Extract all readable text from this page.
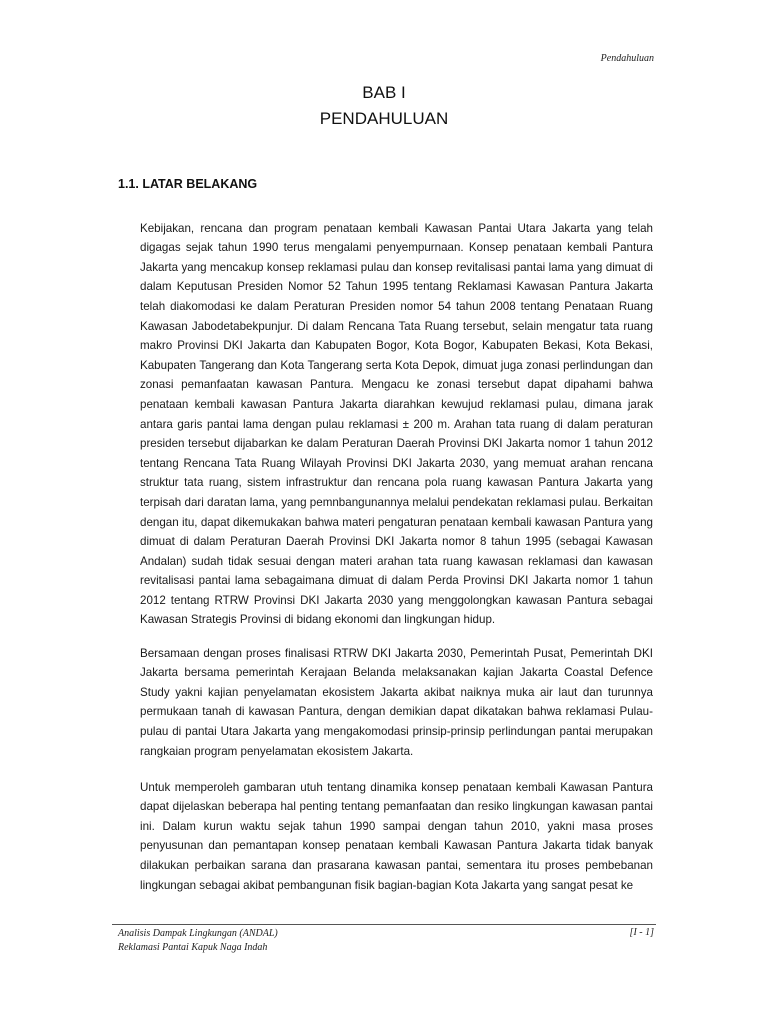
Pendahuluan
BAB I
PENDAHULUAN
1.1. LATAR BELAKANG

Kebijakan, rencana dan program penataan kembali Kawasan Pantai Utara Jakarta yang telah digagas sejak tahun 1990 terus mengalami penyempurnaan. Konsep penataan kembali Pantura Jakarta yang mencakup konsep reklamasi pulau dan konsep revitalisasi pantai lama yang dimuat di dalam Keputusan Presiden Nomor 52 Tahun 1995 tentang Reklamasi Kawasan Pantura Jakarta telah diakomodasi ke dalam Peraturan Presiden nomor 54 tahun 2008 tentang Penataan Ruang Kawasan Jabodetabekpunjur. Di dalam Rencana Tata Ruang tersebut, selain mengatur tata ruang makro Provinsi DKI Jakarta dan Kabupaten Bogor, Kota Bogor, Kabupaten Bekasi, Kota Bekasi, Kabupaten Tangerang dan Kota Tangerang serta Kota Depok, dimuat juga zonasi perlindungan dan zonasi pemanfaatan kawasan Pantura. Mengacu ke zonasi tersebut dapat dipahami bahwa penataan kembali kawasan Pantura Jakarta diarahkan kewujud reklamasi pulau, dimana jarak antara garis pantai lama dengan pulau reklamasi ± 200 m. Arahan tata ruang di dalam peraturan presiden tersebut dijabarkan ke dalam Peraturan Daerah Provinsi DKI Jakarta nomor 1 tahun 2012 tentang Rencana Tata Ruang Wilayah Provinsi DKI Jakarta 2030, yang memuat arahan rencana struktur tata ruang, sistem infrastruktur dan rencana pola ruang kawasan Pantura Jakarta yang terpisah dari daratan lama, yang pemnbangunannya melalui pendekatan reklamasi pulau. Berkaitan dengan itu, dapat dikemukakan bahwa materi pengaturan penataan kembali kawasan Pantura yang dimuat di dalam Peraturan Daerah Provinsi DKI Jakarta nomor 8 tahun 1995 (sebagai Kawasan Andalan) sudah tidak sesuai dengan materi arahan tata ruang kawasan reklamasi dan kawasan revitalisasi pantai lama sebagaimana dimuat di dalam Perda Provinsi DKI Jakarta nomor 1 tahun 2012 tentang RTRW Provinsi DKI Jakarta 2030 yang menggolongkan kawasan Pantura sebagai Kawasan Strategis Provinsi di bidang ekonomi dan lingkungan hidup.

Bersamaan dengan proses finalisasi RTRW DKI Jakarta 2030, Pemerintah Pusat, Pemerintah DKI Jakarta bersama pemerintah Kerajaan Belanda melaksanakan kajian Jakarta Coastal Defence Study yakni kajian penyelamatan ekosistem Jakarta akibat naiknya muka air laut dan turunnya permukaan tanah di kawasan Pantura, dengan demikian dapat dikatakan bahwa reklamasi Pulau-pulau di pantai Utara Jakarta yang mengakomodasi prinsip-prinsip perlindungan pantai merupakan rangkaian program penyelamatan ekosistem Jakarta.

Untuk memperoleh gambaran utuh tentang dinamika konsep penataan kembali Kawasan Pantura dapat dijelaskan beberapa hal penting tentang pemanfaatan dan resiko lingkungan kawasan pantai ini. Dalam kurun waktu sejak tahun 1990 sampai dengan tahun 2010, yakni masa proses penyusunan dan pemantapan konsep penataan kembali Kawasan Pantura Jakarta tidak banyak dilakukan perbaikan sarana dan prasarana kawasan pantai, sementara itu proses pembebanan lingkungan sebagai akibat pembangunan fisik bagian-bagian Kota Jakarta yang sangat pesat ke

Analisis Dampak Lingkungan (ANDAL)
Reklamasi Pantai Kapuk Naga Indah
[I - 1]
